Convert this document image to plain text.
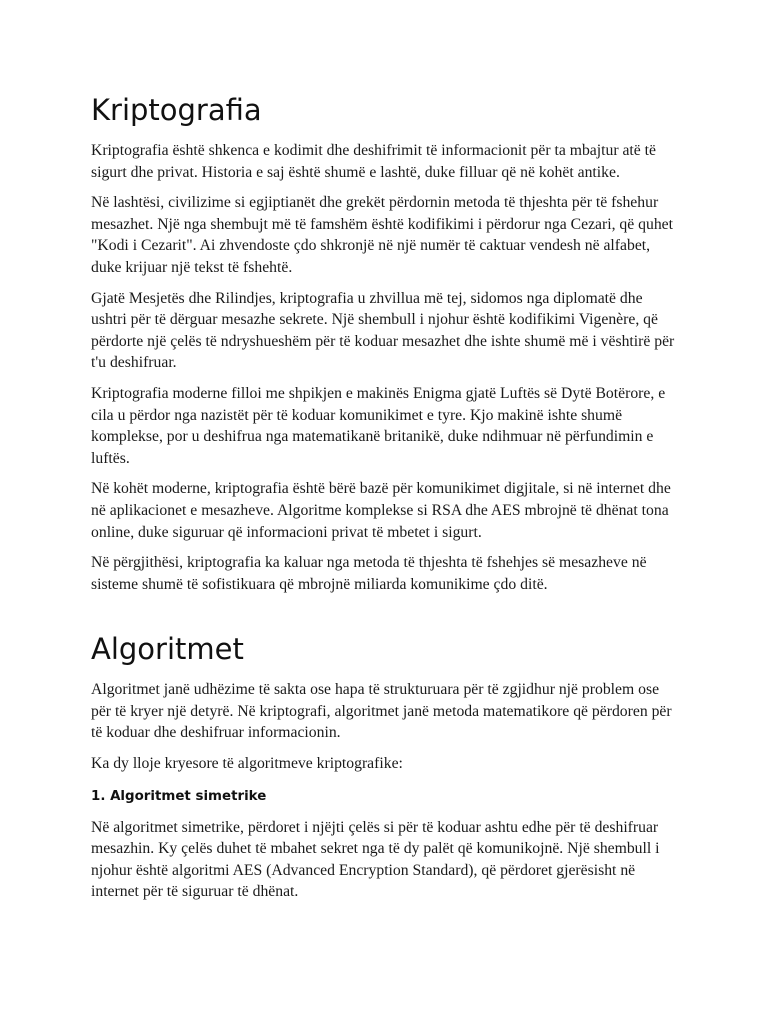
Kriptografia

Kriptografia është shkenca e kodimit dhe deshifrimit të informacionit për ta mbajtur atë të sigurt dhe privat. Historia e saj është shumë e lashtë, duke filluar që në kohët antike.

Në lashtësi, civilizime si egjiptianët dhe grekët përdornin metoda të thjeshta për të fshehur mesazhet. Një nga shembujt më të famshëm është kodifikimi i përdorur nga Cezari, që quhet "Kodi i Cezarit". Ai zhvendoste çdo shkronjë në një numër të caktuar vendesh në alfabet, duke krijuar një tekst të fshehtë.

Gjatë Mesjetës dhe Rilindjes, kriptografia u zhvillua më tej, sidomos nga diplomatë dhe ushtri për të dërguar mesazhe sekrete. Një shembull i njohur është kodifikimi Vigenère, që përdorte një çelës të ndryshueshëm për të koduar mesazhet dhe ishte shumë më i vështirë për t'u deshifruar.

Kriptografia moderne filloi me shpikjen e makinës Enigma gjatë Luftës së Dytë Botërore, e cila u përdor nga nazistët për të koduar komunikimet e tyre. Kjo makinë ishte shumë komplekse, por u deshifrua nga matematikanë britanikë, duke ndihmuar në përfundimin e luftës.

Në kohët moderne, kriptografia është bërë bazë për komunikimet digjitale, si në internet dhe në aplikacionet e mesazheve. Algoritme komplekse si RSA dhe AES mbrojnë të dhënat tona online, duke siguruar që informacioni privat të mbetet i sigurt.

Në përgjithësi, kriptografia ka kaluar nga metoda të thjeshta të fshehjes së mesazheve në sisteme shumë të sofistikuara që mbrojnë miliarda komunikime çdo ditë.

Algoritmet

Algoritmet janë udhëzime të sakta ose hapa të strukturuara për të zgjidhur një problem ose për të kryer një detyrë. Në kriptografi, algoritmet janë metoda matematikore që përdoren për të koduar dhe deshifruar informacionin.

Ka dy lloje kryesore të algoritmeve kriptografike:

1. Algoritmet simetrike

Në algoritmet simetrike, përdoret i njëjti çelës si për të koduar ashtu edhe për të deshifruar mesazhin. Ky çelës duhet të mbahet sekret nga të dy palët që komunikojnë. Një shembull i njohur është algoritmi AES (Advanced Encryption Standard), që përdoret gjerësisht në internet për të siguruar të dhënat.
